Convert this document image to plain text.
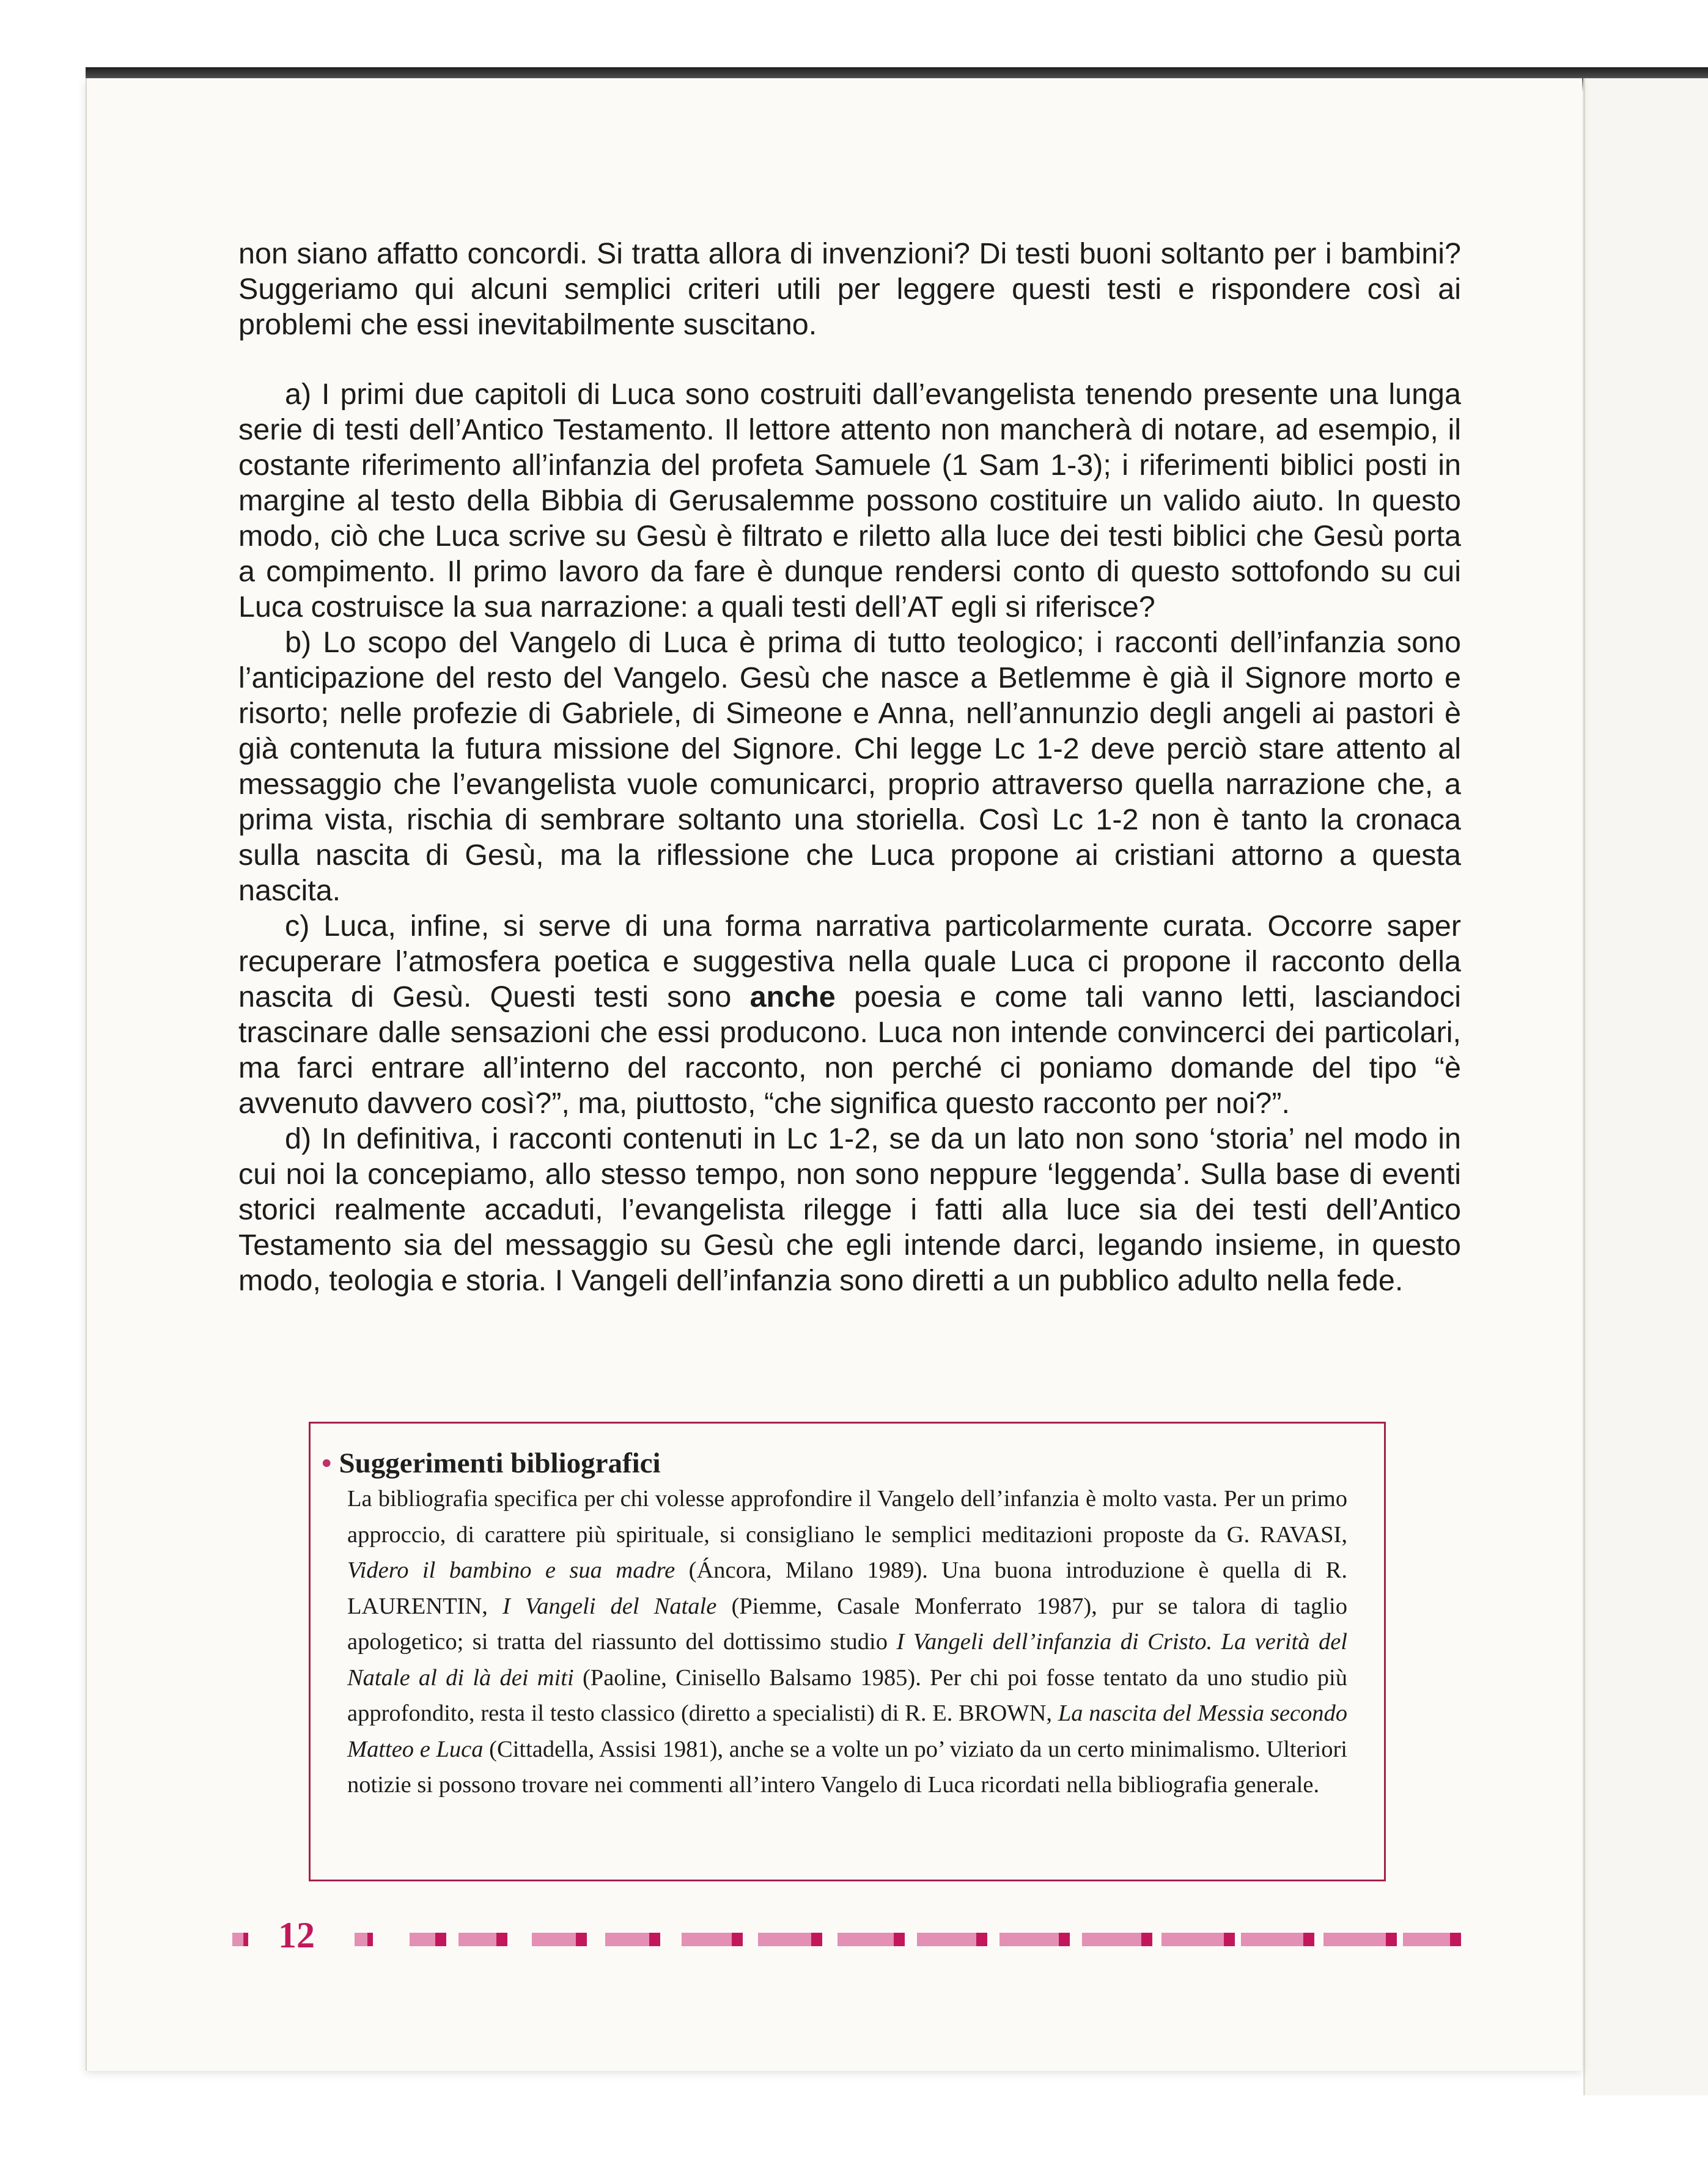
non siano affatto concordi. Si tratta allora di invenzioni? Di testi buoni soltanto per i bambini? Suggeriamo qui alcuni semplici criteri utili per leggere questi testi e rispondere così ai problemi che essi inevitabilmente suscitano.

a) I primi due capitoli di Luca sono costruiti dall’evangelista tenendo presente una lunga serie di testi dell’Antico Testamento. Il lettore attento non mancherà di notare, ad esempio, il costante riferimento all’infanzia del profeta Samuele (1 Sam 1-3); i riferimenti biblici posti in margine al testo della Bibbia di Gerusalemme possono costituire un valido aiuto. In questo modo, ciò che Luca scrive su Gesù è filtrato e riletto alla luce dei testi biblici che Gesù porta a compimento. Il primo lavoro da fare è dunque rendersi conto di questo sottofondo su cui Luca costruisce la sua narrazione: a quali testi dell’AT egli si riferisce?

b) Lo scopo del Vangelo di Luca è prima di tutto teologico; i racconti dell’infanzia sono l’anticipazione del resto del Vangelo. Gesù che nasce a Betlemme è già il Signore morto e risorto; nelle profezie di Gabriele, di Simeone e Anna, nell’annunzio degli angeli ai pastori è già contenuta la futura missione del Signore. Chi legge Lc 1-2 deve perciò stare attento al messaggio che l’evangelista vuole comunicarci, proprio attraverso quella narrazione che, a prima vista, rischia di sembrare soltanto una storiella. Così Lc 1-2 non è tanto la cronaca sulla nascita di Gesù, ma la riflessione che Luca propone ai cristiani attorno a questa nascita.

c) Luca, infine, si serve di una forma narrativa particolarmente curata. Occorre saper recuperare l’atmosfera poetica e suggestiva nella quale Luca ci propone il racconto della nascita di Gesù. Questi testi sono anche poesia e come tali vanno letti, lasciandoci trascinare dalle sensazioni che essi producono. Luca non intende convincerci dei particolari, ma farci entrare all’interno del racconto, non perché ci poniamo domande del tipo “è avvenuto davvero così?”, ma, piuttosto, “che significa questo racconto per noi?”.

d) In definitiva, i racconti contenuti in Lc 1-2, se da un lato non sono ‘storia’ nel modo in cui noi la concepiamo, allo stesso tempo, non sono neppure ‘leggenda’. Sulla base di eventi storici realmente accaduti, l’evangelista rilegge i fatti alla luce sia dei testi dell’Antico Testamento sia del messaggio su Gesù che egli intende darci, legando insieme, in questo modo, teologia e storia. I Vangeli dell’infanzia sono diretti a un pubblico adulto nella fede.

• Suggerimenti bibliografici

La bibliografia specifica per chi volesse approfondire il Vangelo dell’infanzia è molto vasta. Per un primo approccio, di carattere più spirituale, si consigliano le semplici meditazioni proposte da G. RAVASI, Videro il bambino e sua madre (Áncora, Milano 1989). Una buona introduzione è quella di R. LAURENTIN, I Vangeli del Natale (Piemme, Casale Monferrato 1987), pur se talora di taglio apologetico; si tratta del riassunto del dottissimo studio I Vangeli dell’infanzia di Cristo. La verità del Natale al di là dei miti (Paoline, Cinisello Balsamo 1985). Per chi poi fosse tentato da uno studio più approfondito, resta il testo classico (diretto a specialisti) di R. E. BROWN, La nascita del Messia secondo Matteo e Luca (Cittadella, Assisi 1981), anche se a volte un po’ viziato da un certo minimalismo. Ulteriori notizie si possono trovare nei commenti all’intero Vangelo di Luca ricordati nella bibliografia generale.

12
